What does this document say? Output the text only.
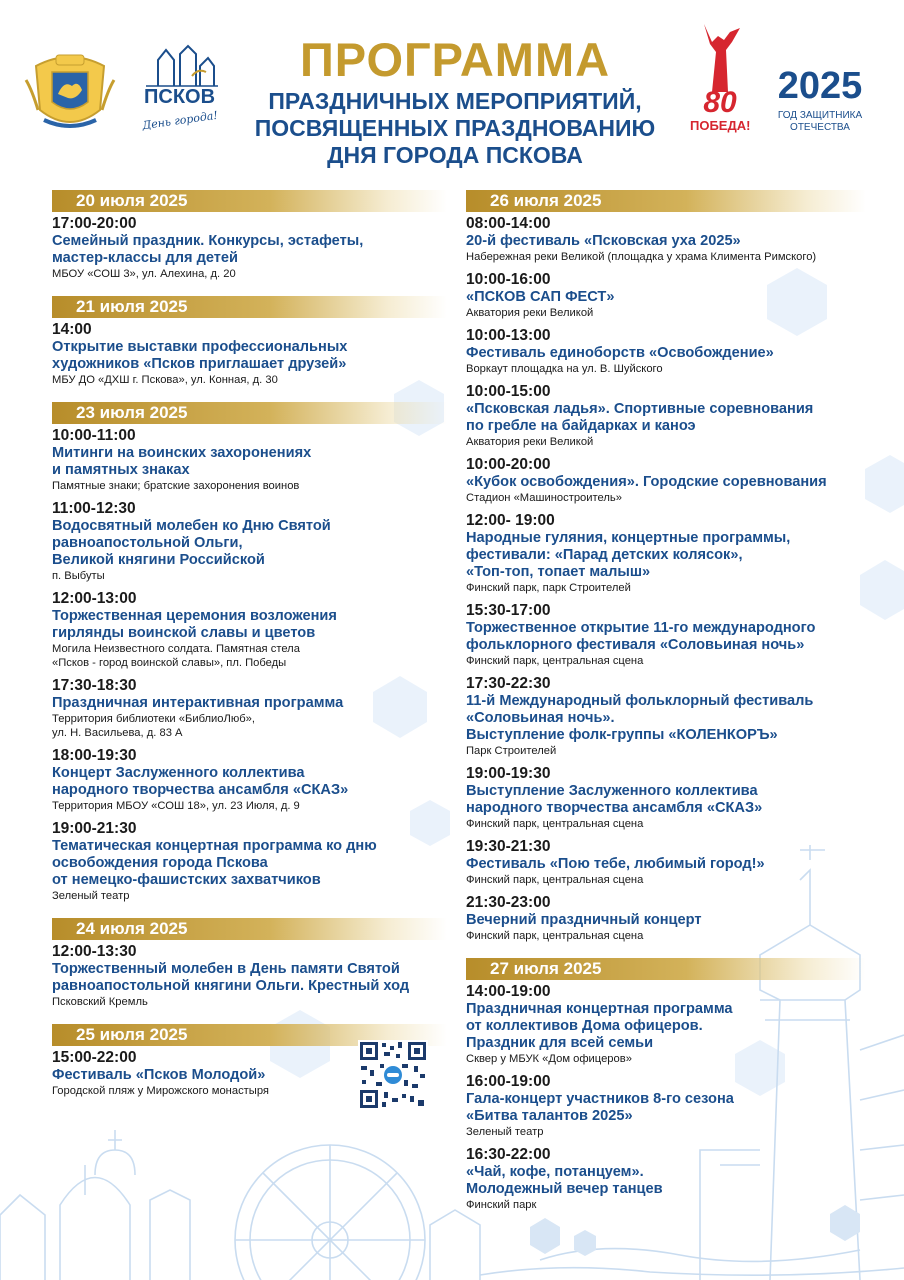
ПСКОВ
День города!
80
ПОБЕДА!
2025
ГОД ЗАЩИТНИКА
ОТЕЧЕСТВА
ПРОГРАММА
ПРАЗДНИЧНЫХ МЕРОПРИЯТИЙ,
ПОСВЯЩЕННЫХ ПРАЗДНОВАНИЮ
ДНЯ ГОРОДА ПСКОВА
20 июля 2025
17:00-20:00
Семейный праздник. Конкурсы, эстафеты,
мастер-классы для детей
МБОУ «СОШ 3», ул. Алехина, д. 20
21 июля 2025
14:00
Открытие выставки профессиональных
художников «Псков приглашает друзей»
МБУ ДО «ДХШ г. Пскова», ул. Конная, д. 30
23 июля 2025
10:00-11:00
Митинги на воинских захоронениях
и памятных знаках
Памятные знаки; братские захоронения воинов
11:00-12:30
Водосвятный молебен ко Дню Святой
равноапостольной Ольги,
Великой княгини Российской
п. Выбуты
12:00-13:00
Торжественная церемония возложения
гирлянды воинской славы и цветов
Могила Неизвестного солдата. Памятная стела
«Псков - город воинской славы», пл. Победы
17:30-18:30
Праздничная интерактивная программа
Территория библиотеки «БиблиоЛюб»,
ул. Н. Васильева, д. 83 А
18:00-19:30
Концерт Заслуженного коллектива
народного творчества ансамбля «СКАЗ»
Территория МБОУ «СОШ 18», ул. 23 Июля, д. 9
19:00-21:30
Тематическая концертная программа ко дню
освобождения города Пскова
от немецко-фашистских захватчиков
Зеленый театр
24 июля 2025
12:00-13:30
Торжественный молебен в День памяти Святой
равноапостольной княгини Ольги. Крестный ход
Псковский Кремль
25 июля 2025
15:00-22:00
Фестиваль «Псков Молодой»
Городской пляж у Мирожского монастыря
26 июля 2025
08:00-14:00
20-й фестиваль «Псковская уха 2025»
Набережная реки Великой (площадка у храма Климента Римского)
10:00-16:00
«ПСКОВ САП ФЕСТ»
Акватория реки Великой
10:00-13:00
Фестиваль единоборств «Освобождение»
Воркаут площадка на ул. В. Шуйского
10:00-15:00
«Псковская ладья». Спортивные соревнования
по гребле на байдарках и каноэ
Акватория реки Великой
10:00-20:00
«Кубок освобождения». Городские соревнования
Стадион «Машиностроитель»
12:00- 19:00
Народные гуляния, концертные программы,
фестивали: «Парад детских колясок»,
«Топ-топ, топает малыш»
Финский парк, парк Строителей
15:30-17:00
Торжественное открытие 11-го международного
фольклорного фестиваля «Соловьиная ночь»
Финский парк, центральная сцена
17:30-22:30
11-й Международный фольклорный фестиваль
«Соловьиная ночь».
Выступление фолк-группы «КОЛЕНКОРЪ»
Парк Строителей
19:00-19:30
Выступление Заслуженного коллектива
народного творчества ансамбля «СКАЗ»
Финский парк, центральная сцена
19:30-21:30
Фестиваль «Пою тебе, любимый город!»
Финский парк, центральная сцена
21:30-23:00
Вечерний праздничный концерт
Финский парк, центральная сцена
27 июля 2025
14:00-19:00
Праздничная концертная программа
от коллективов Дома офицеров.
Праздник для всей семьи
Сквер у МБУК «Дом офицеров»
16:00-19:00
Гала-концерт участников 8-го сезона
«Битва талантов 2025»
Зеленый театр
16:30-22:00
«Чай, кофе, потанцуем».
Молодежный вечер танцев
Финский парк
